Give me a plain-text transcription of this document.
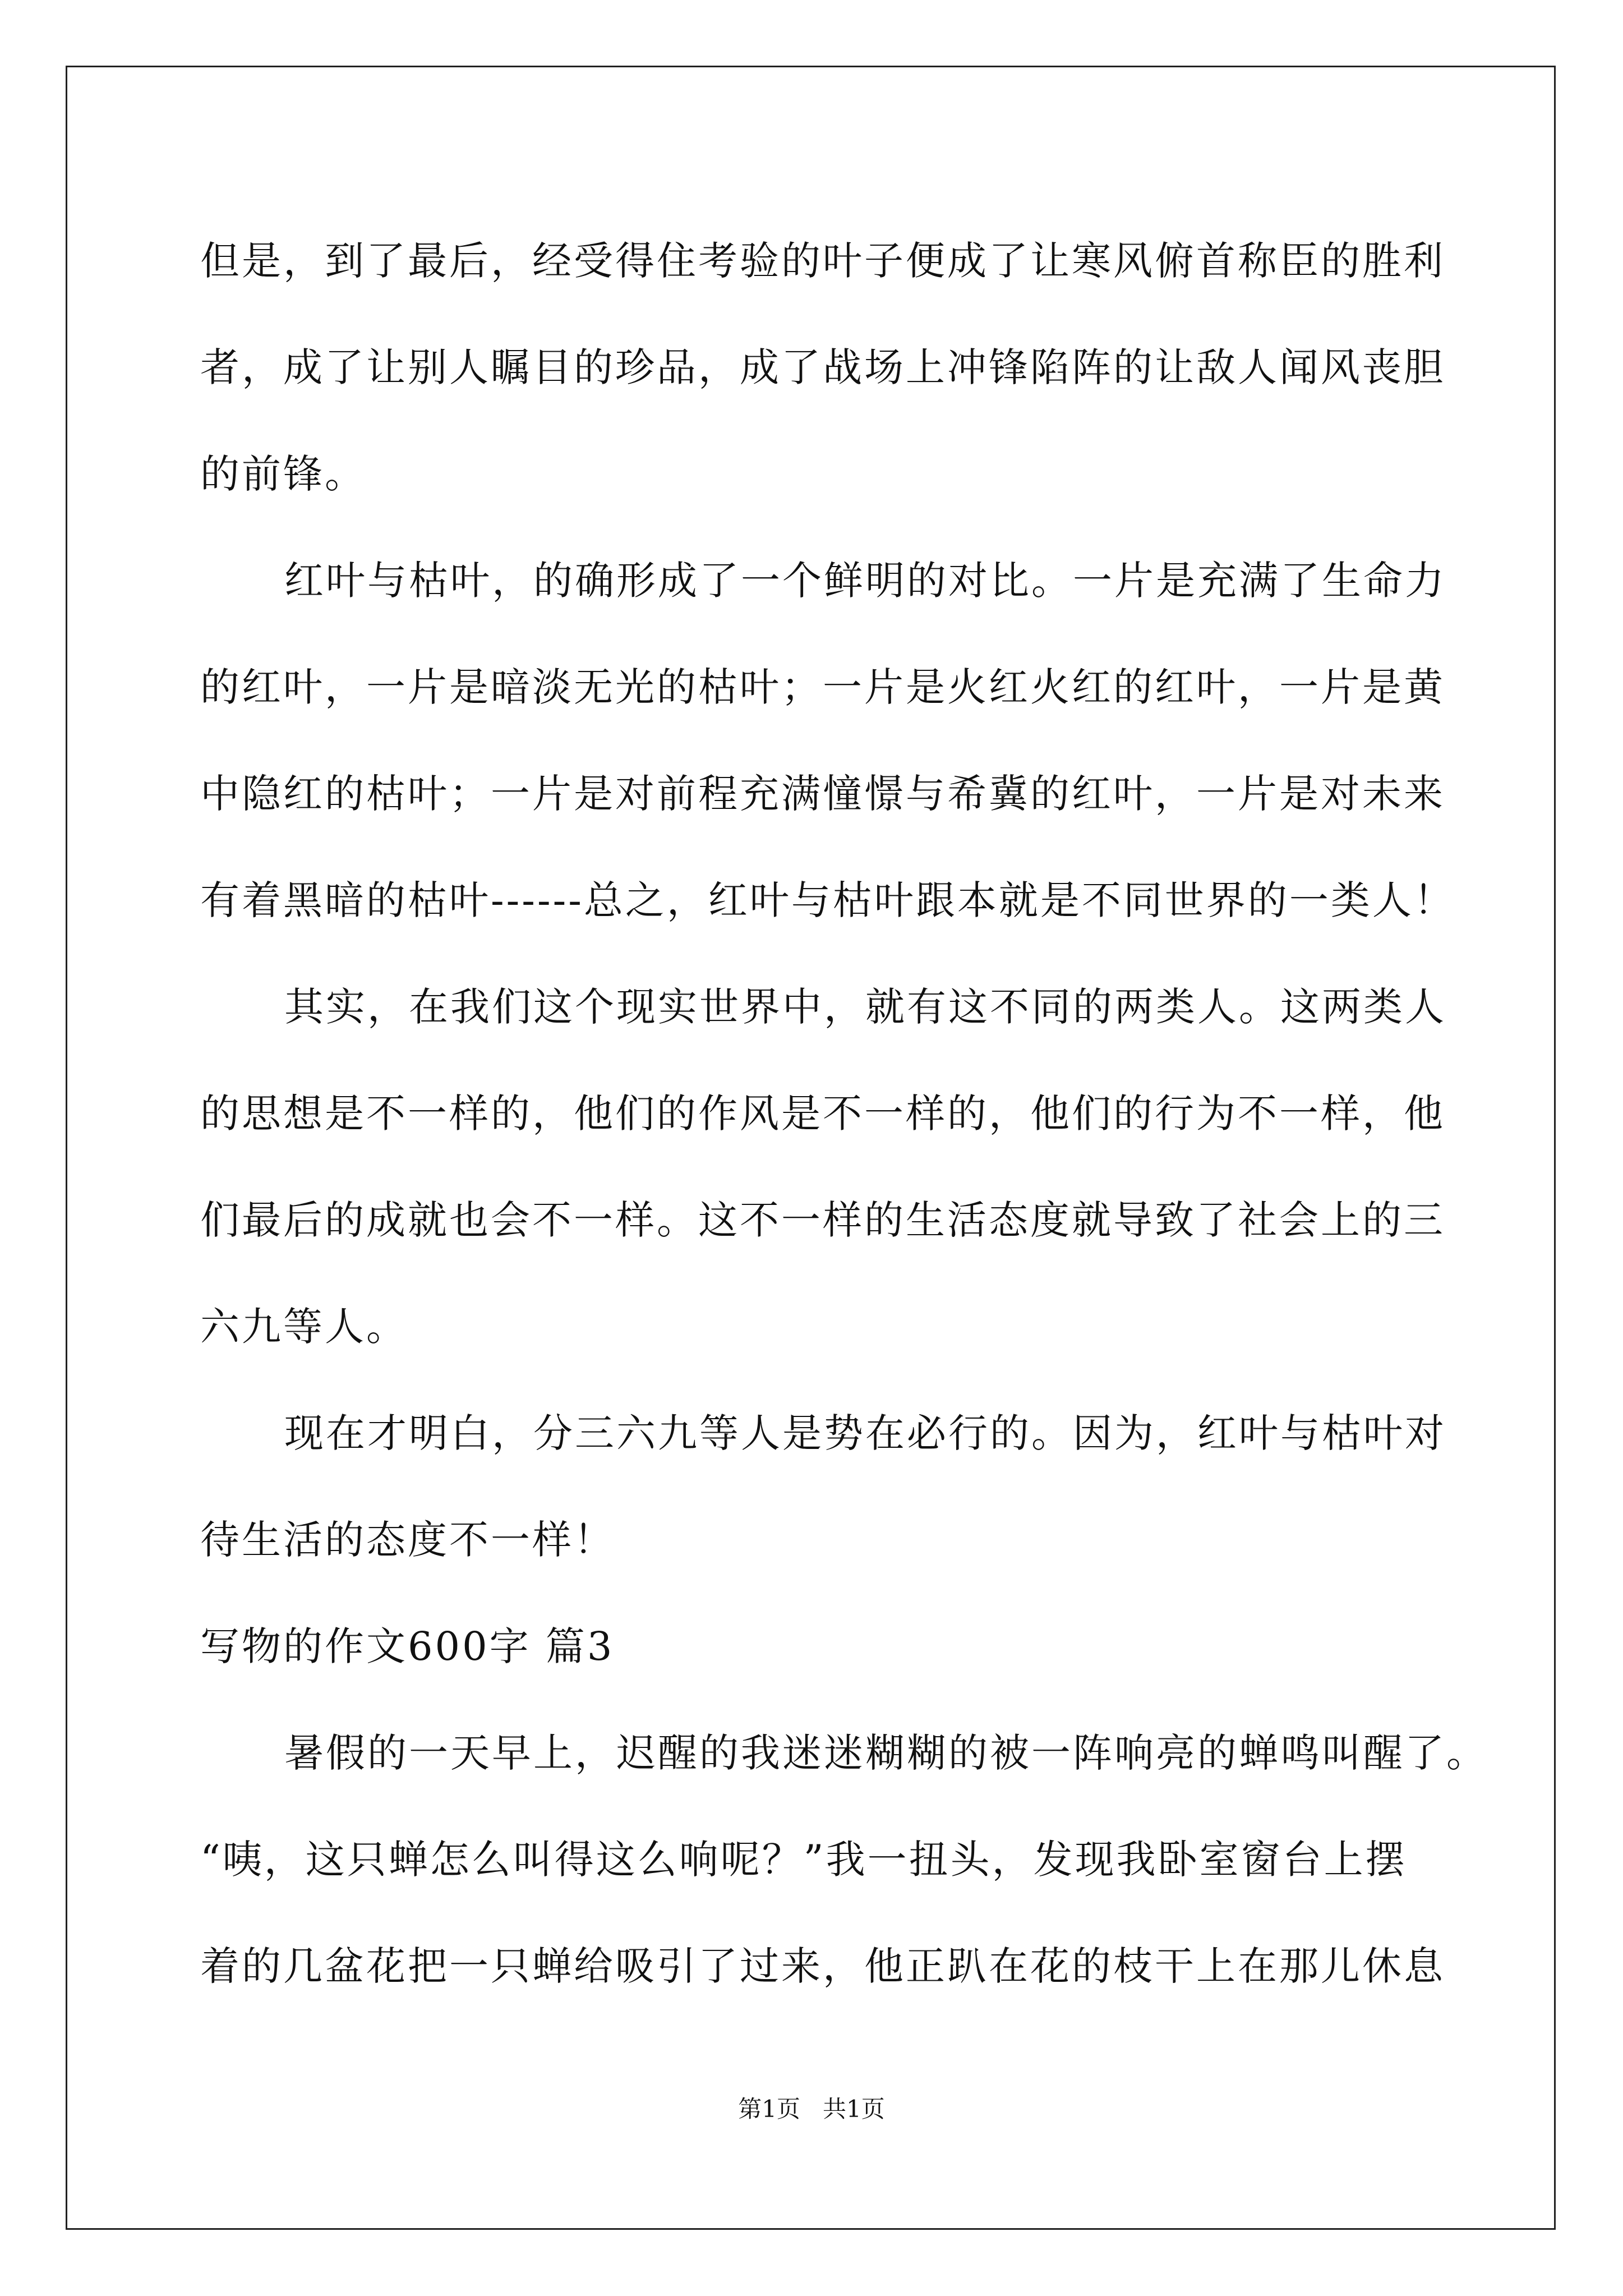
但是，到了最后，经受得住考验的叶子便成了让寒风俯首称臣的胜利
者，成了让别人瞩目的珍品，成了战场上冲锋陷阵的让敌人闻风丧胆
的前锋。
红叶与枯叶，的确形成了一个鲜明的对比。一片是充满了生命力
的红叶，一片是暗淡无光的枯叶；一片是火红火红的红叶，一片是黄
中隐红的枯叶；一片是对前程充满憧憬与希冀的红叶，一片是对未来
有着黑暗的枯叶------总之，红叶与枯叶跟本就是不同世界的一类人！
其实，在我们这个现实世界中，就有这不同的两类人。这两类人
的思想是不一样的，他们的作风是不一样的，他们的行为不一样，他
们最后的成就也会不一样。这不一样的生活态度就导致了社会上的三
六九等人。
现在才明白，分三六九等人是势在必行的。因为，红叶与枯叶对
待生活的态度不一样！
写物的作文600字 篇3
暑假的一天早上，迟醒的我迷迷糊糊的被一阵响亮的蝉鸣叫醒了。
“咦，这只蝉怎么叫得这么响呢？”我一扭头，发现我卧室窗台上摆
着的几盆花把一只蝉给吸引了过来，他正趴在花的枝干上在那儿休息
第1页   共1页
